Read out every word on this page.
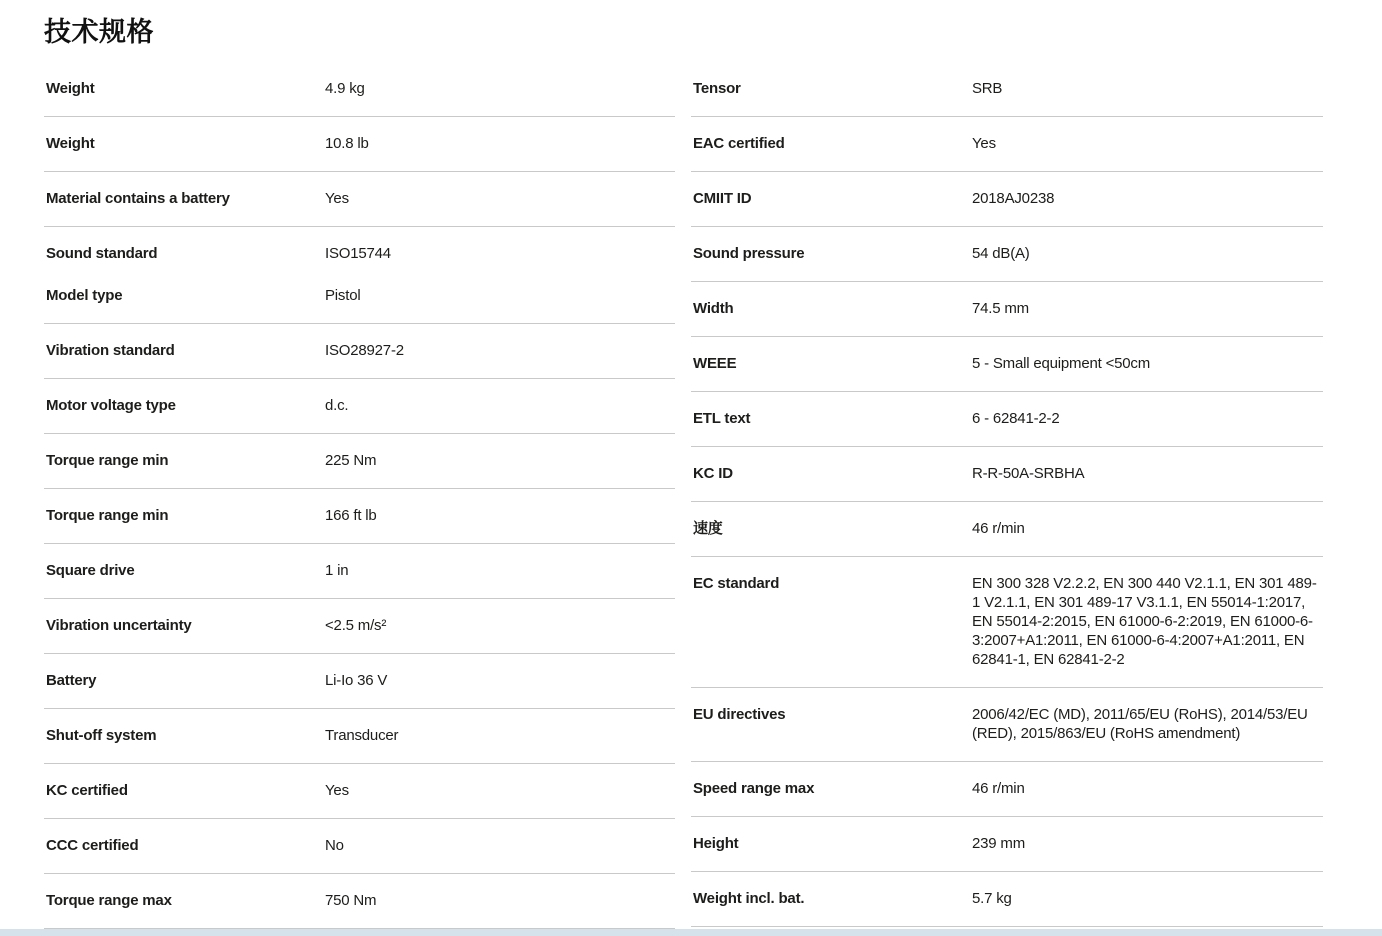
技术规格
Weight	4.9 kg
Weight	10.8 lb
Material contains a battery	Yes
Sound standard	ISO15744
Model type	Pistol
Vibration standard	ISO28927-2
Motor voltage type	d.c.
Torque range min	225 Nm
Torque range min	166 ft lb
Square drive	1 in
Vibration uncertainty	<2.5 m/s²
Battery	Li-Io 36 V
Shut-off system	Transducer
KC certified	Yes
CCC certified	No
Torque range max	750 Nm
Tensor	SRB
EAC certified	Yes
CMIIT ID	2018AJ0238
Sound pressure	54 dB(A)
Width	74.5 mm
WEEE	5 - Small equipment <50cm
ETL text	6 - 62841-2-2
KC ID	R-R-50A-SRBHA
速度	46 r/min
EC standard	EN 300 328 V2.2.2, EN 300 440 V2.1.1, EN 301 489-1 V2.1.1, EN 301 489-17 V3.1.1, EN 55014-1:2017, EN 55014-2:2015, EN 61000-6-2:2019, EN 61000-6-3:2007+A1:2011, EN 61000-6-4:2007+A1:2011, EN 62841-1, EN 62841-2-2
EU directives	2006/42/EC (MD), 2011/65/EU (RoHS), 2014/53/EU (RED), 2015/863/EU (RoHS amendment)
Speed range max	46 r/min
Height	239 mm
Weight incl. bat.	5.7 kg
